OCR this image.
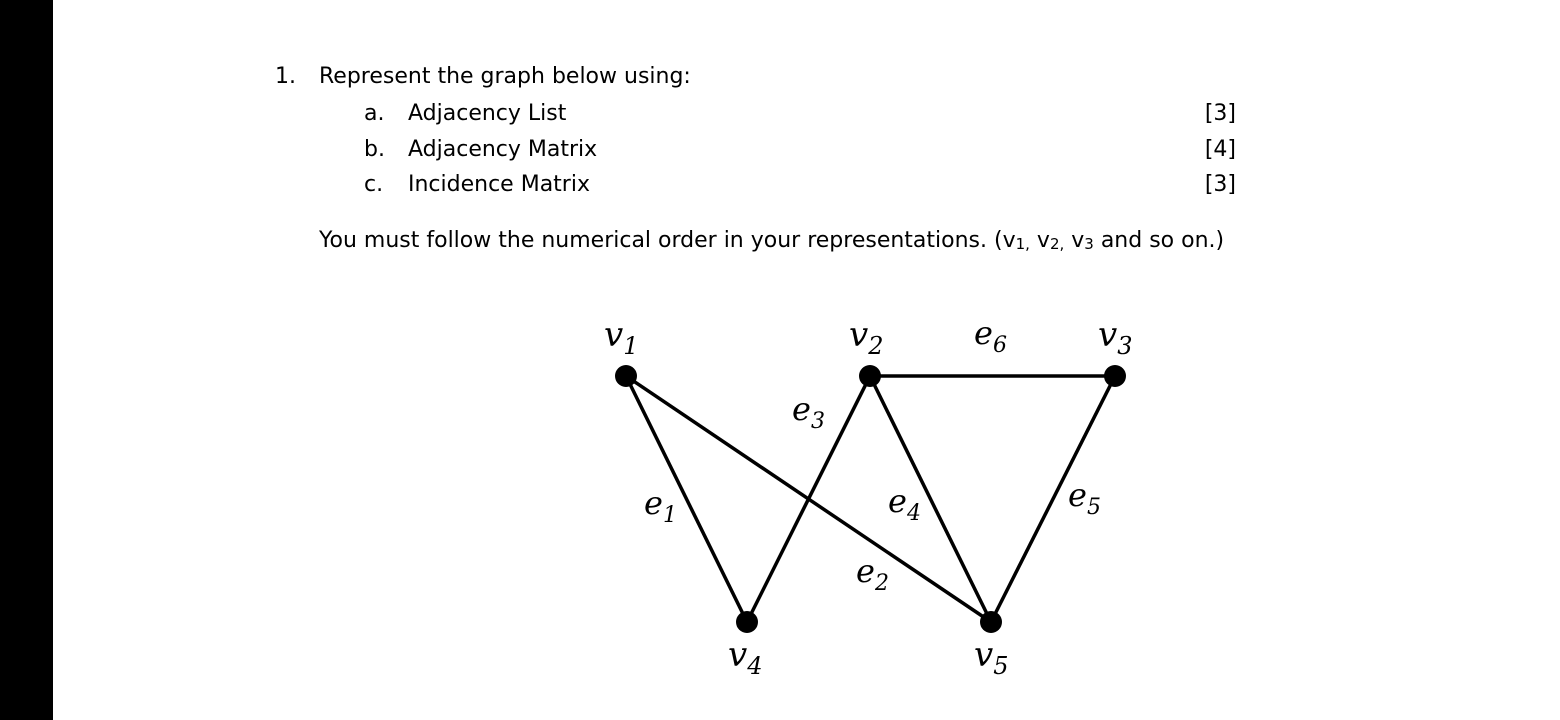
1. Represent the graph below using:
a. Adjacency List	[3]
b. Adjacency Matrix	[4]
c. Incidence Matrix	[3]
You must follow the numerical order in your representations. ($v_{1,}$ $v_{2,}$ $v_3$ and so on.)
$v_1$	$v_2$	$v_3$
$v_4$	$v_5$
$e_1$
$e_2$
$e_3$
$e_4$	$e_5$
$e_6$
